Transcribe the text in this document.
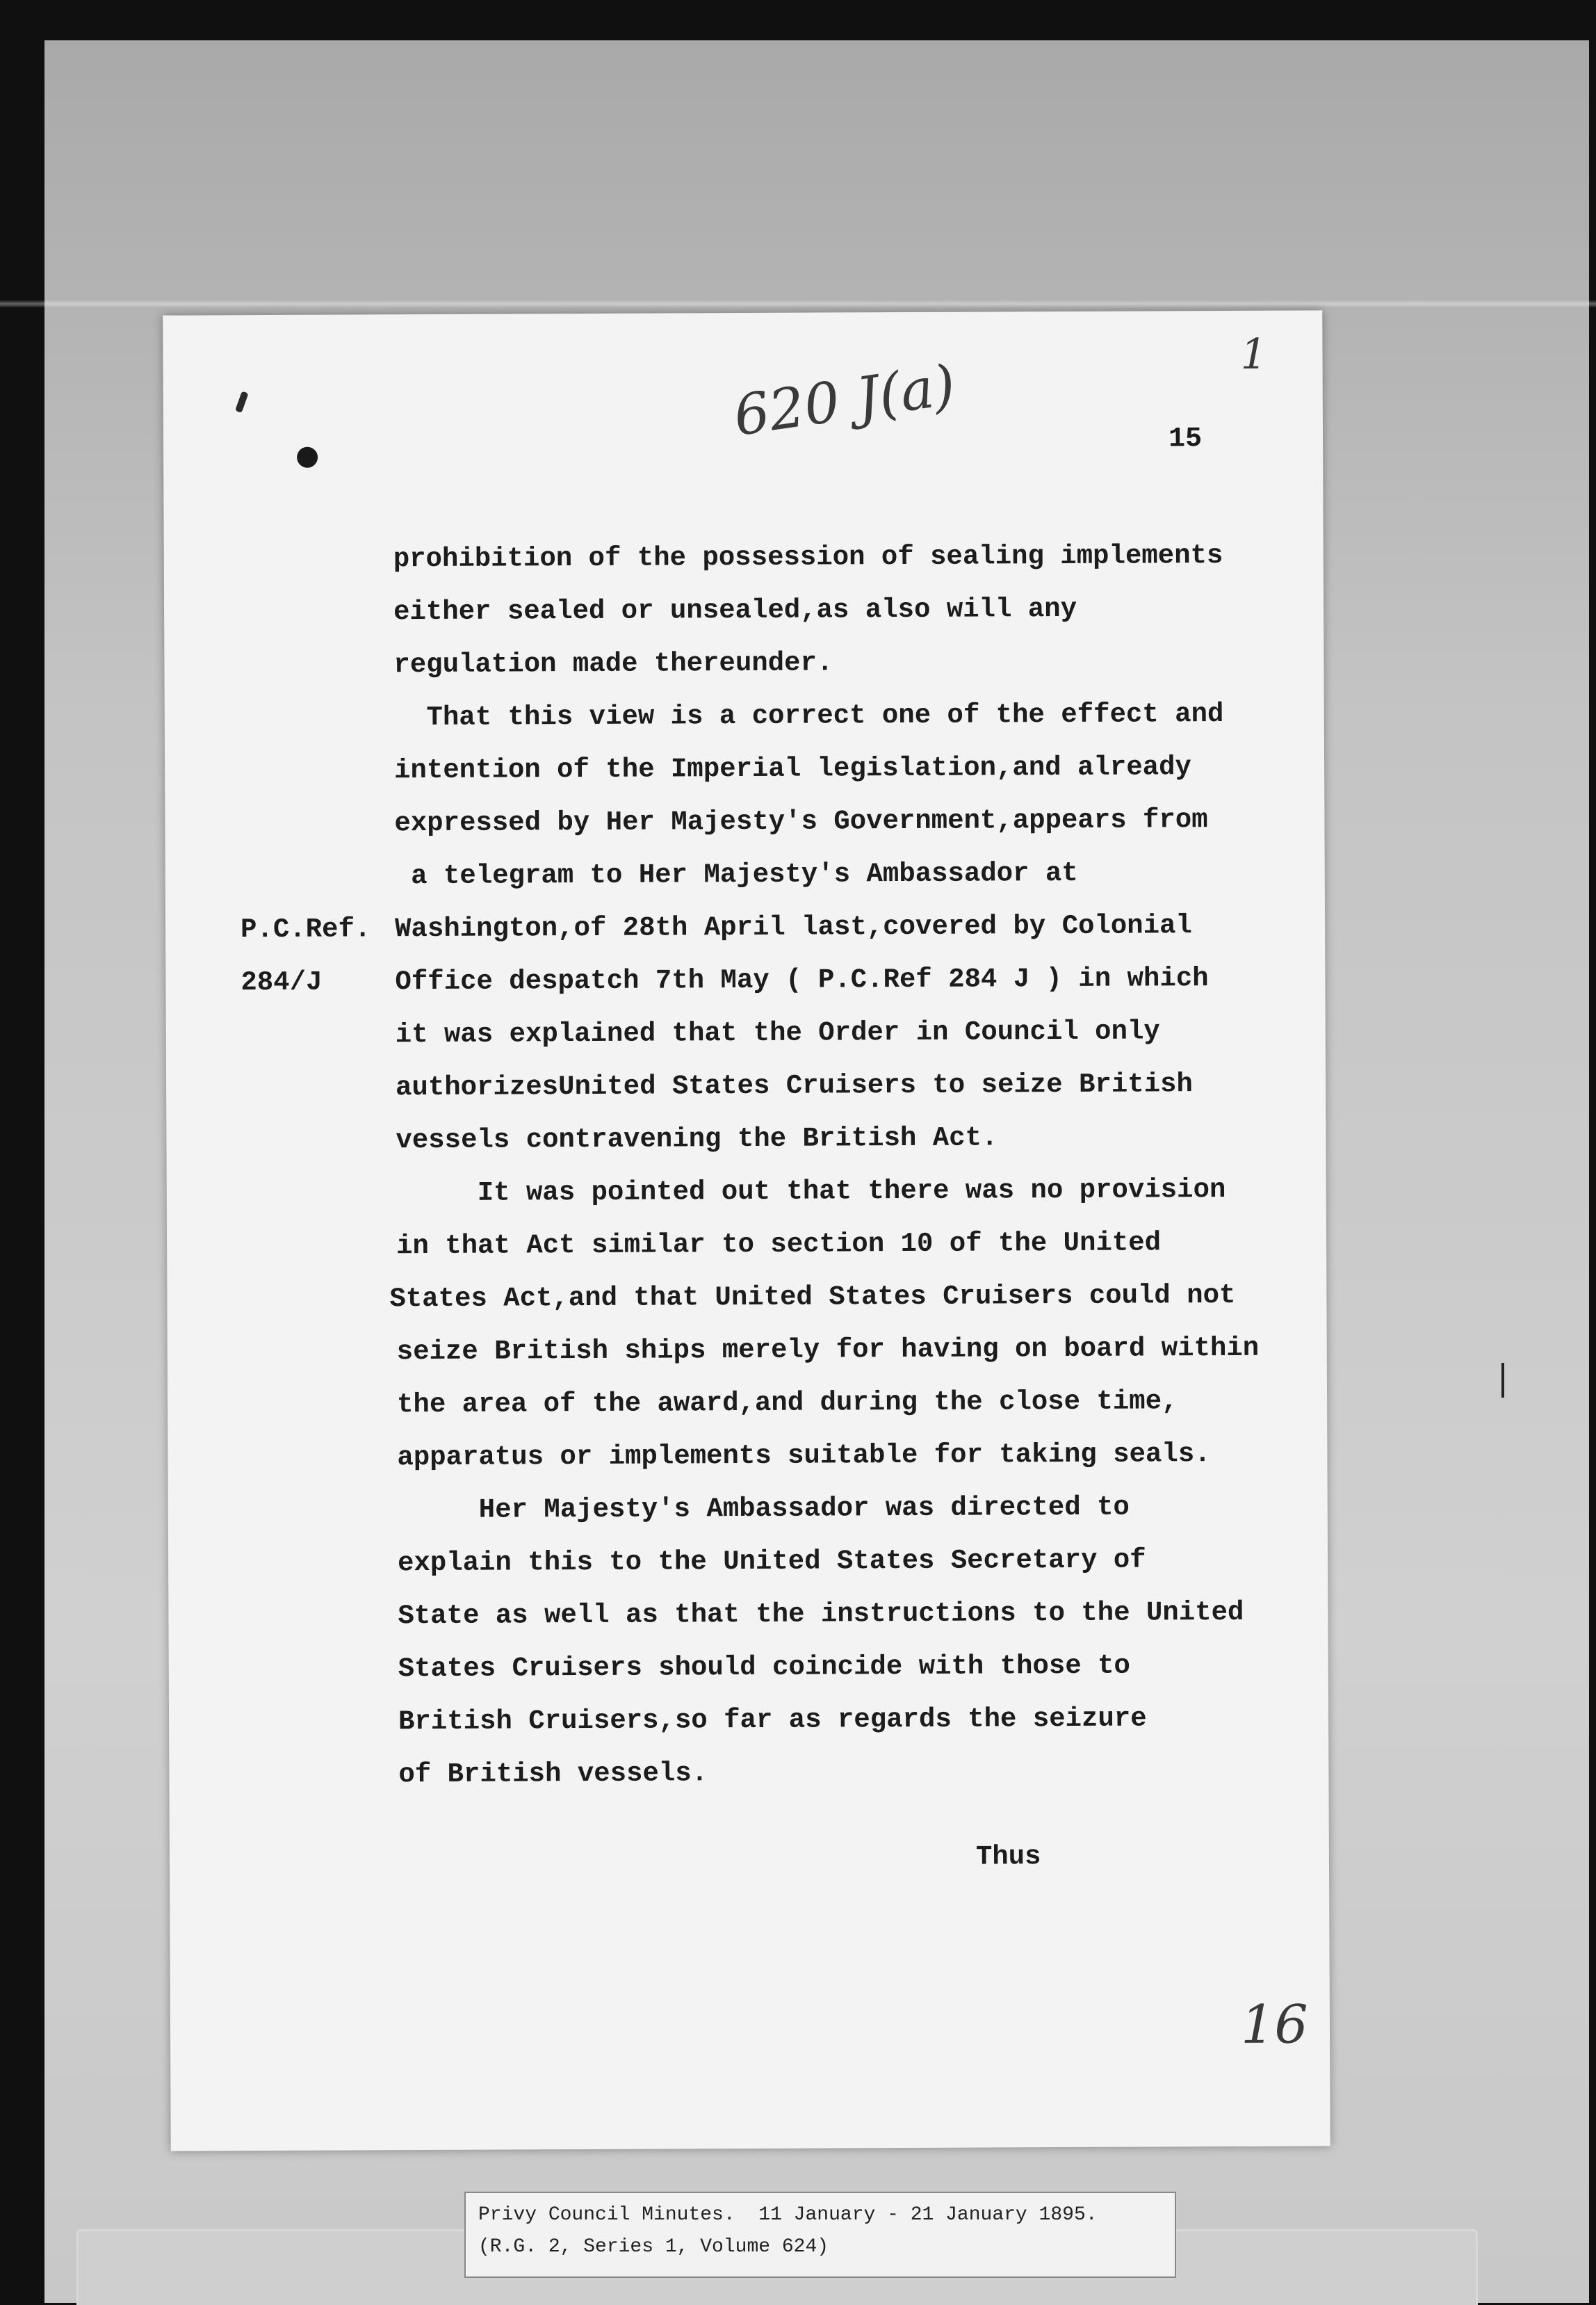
620 J(a)	1
15
P.C.Ref.
284/J
prohibition of the possession of sealing implements
either sealed or unsealed,as also will any
regulation made thereunder.
That this view is a correct one of the effect and
intention of the Imperial legislation,and already
expressed by Her Majesty's Government,appears from
a telegram to Her Majesty's Ambassador at
Washington,of 28th April last,covered by Colonial
Office despatch 7th May ( P.C.Ref 284 J ) in which
it was explained that the Order in Council only
authorizesUnited States Cruisers to seize British
vessels contravening the British Act.
It was pointed out that there was no provision
in that Act similar to section 10 of the United
States Act,and that United States Cruisers could not
seize British ships merely for having on board within
the area of the award,and during the close time,
apparatus or implements suitable for taking seals.
Her Majesty's Ambassador was directed to
explain this to the United States Secretary of
State as well as that the instructions to the United
States Cruisers should coincide with those to
British Cruisers,so far as regards the seizure
of British vessels.
Thus
16
Privy Council Minutes.  11 January - 21 January 1895.
(R.G. 2, Series 1, Volume 624)
